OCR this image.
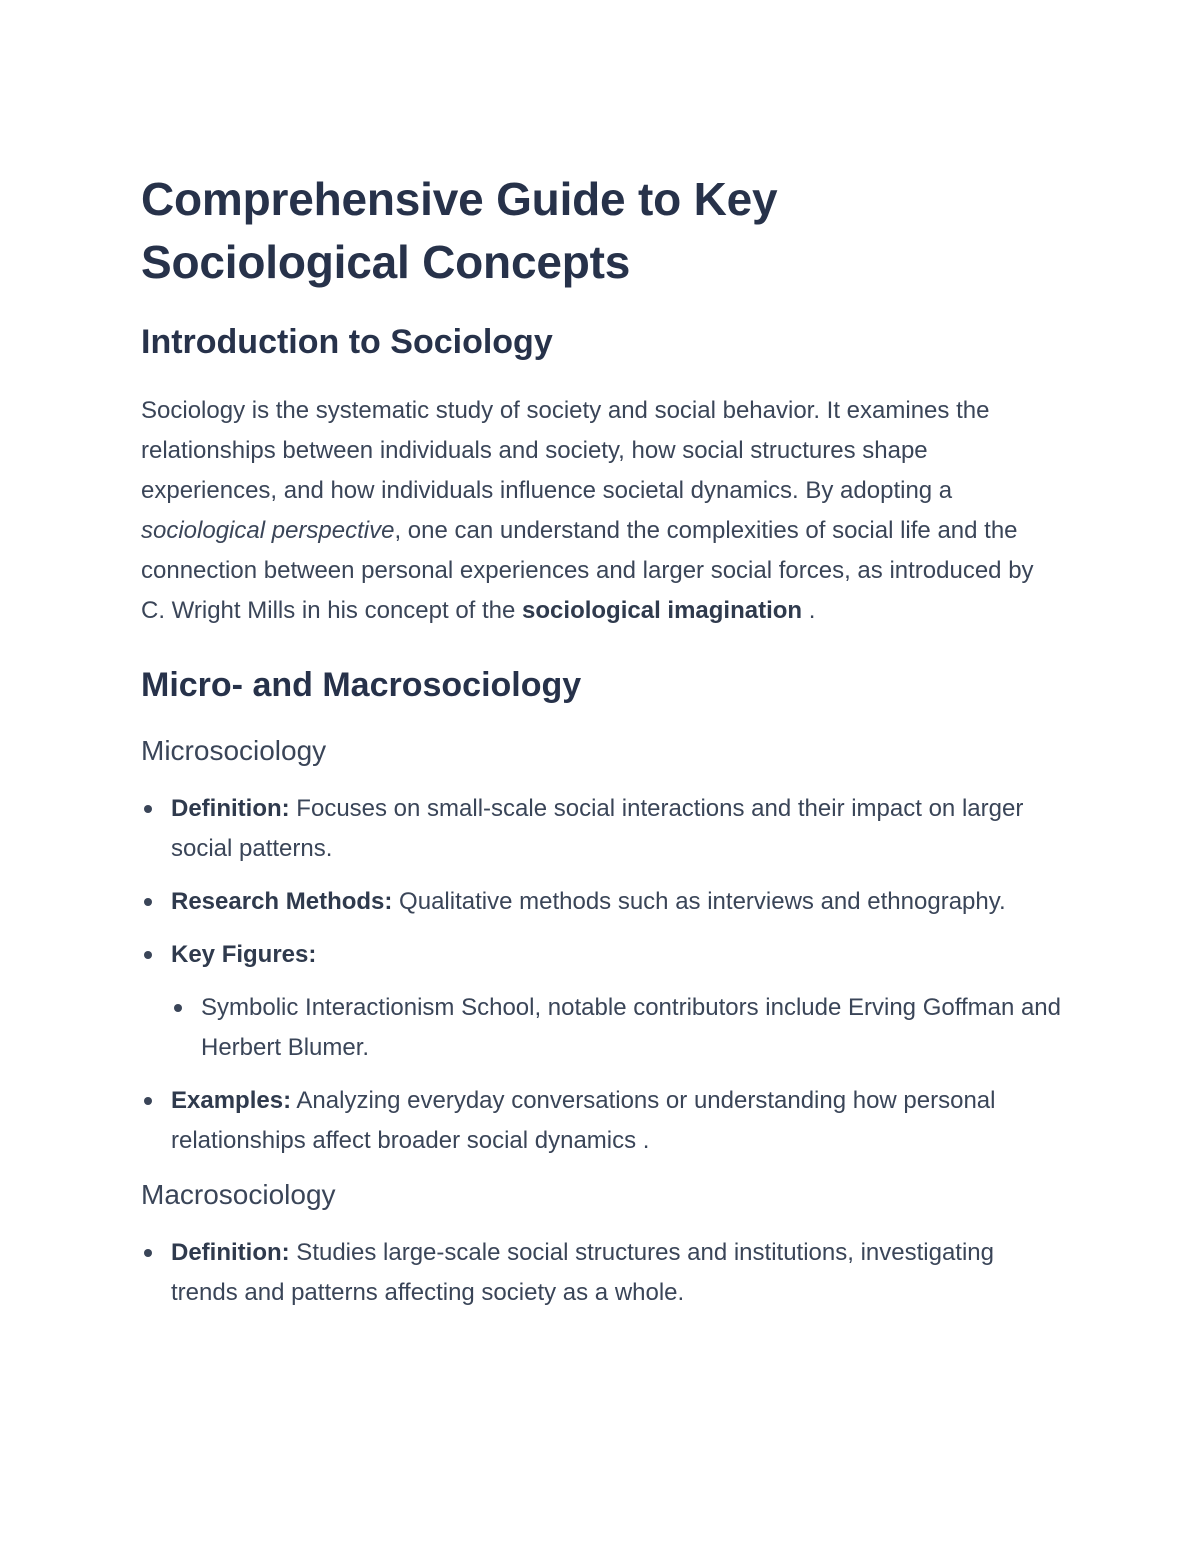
Comprehensive Guide to Key
Sociological Concepts
Introduction to Sociology

Sociology is the systematic study of society and social behavior. It examines the relationships between individuals and society, how social structures shape experiences, and how individuals influence societal dynamics. By adopting a sociological perspective, one can understand the complexities of social life and the connection between personal experiences and larger social forces, as introduced by C. Wright Mills in his concept of the sociological imagination .

Micro- and Macrosociology
Microsociology
Definition: Focuses on small-scale social interactions and their impact on larger social patterns.
Research Methods: Qualitative methods such as interviews and ethnography.
Key Figures:
Symbolic Interactionism School, notable contributors include Erving Goffman and Herbert Blumer.
Examples: Analyzing everyday conversations or understanding how personal relationships affect broader social dynamics .
Macrosociology
Definition: Studies large-scale social structures and institutions, investigating trends and patterns affecting society as a whole.
